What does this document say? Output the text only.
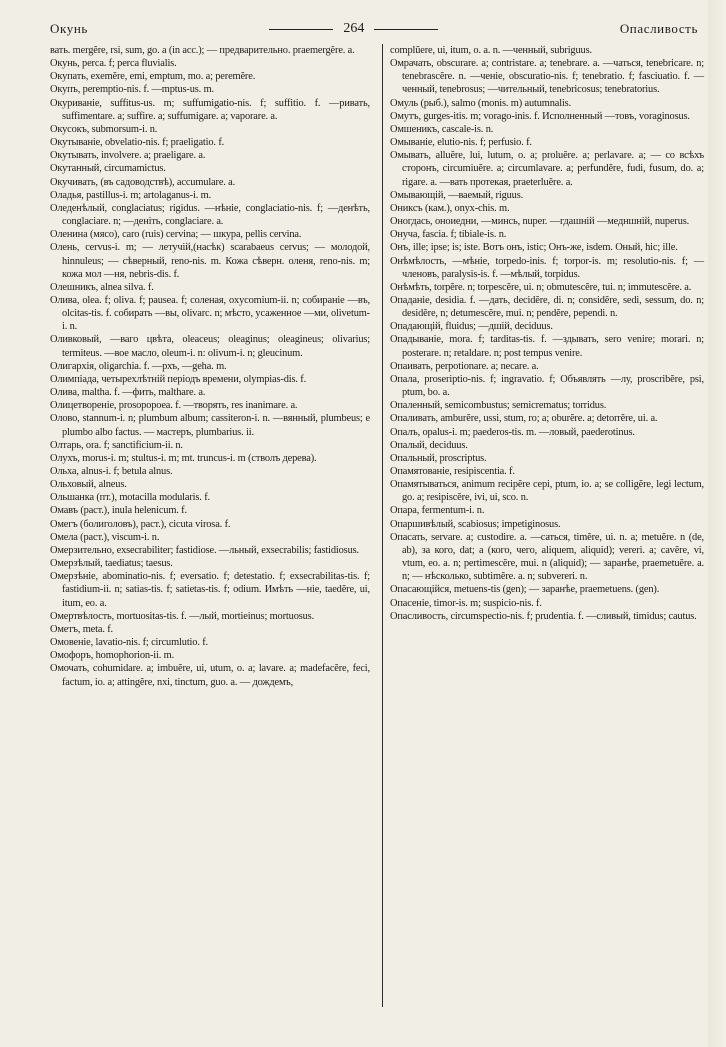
Окунь	264	Опасливость
вать. mergĕre, rsi, sum, go. a (in acc.); — предварительно. praemergĕre. a.
Окунь, perca. f; perca fluvialis.
Окупать, exemĕre, emi, emptum, mo. a; peremĕre.
Окупъ, peremptio-nis. f. —mptus-us. m.
Окуриваніе, suffitus-us. m; suffumigatio-nis. f; suffitio. f. —ривать, suffimentare. a; suffire. a; suffumigare. a; vaporare. a.
Окусокъ, submorsum-i. n.
Окутываніе, obvelatio-nis. f; praeligatio. f.
Окутывать, involvere. a; praeligare. a.
Окутанный, circumamictus.
Окучивать, (въ садоводствѣ), accumulare. a.
Оладья, pastillus-i. m; artolaganus-i. m.
Оледенѣлый, conglaciatus; rigidus. —нѣніе, conglaciatio-nis. f; —денѣть, conglaciare. n; —деніть, conglaciare. a.
Оленина (мясо), caro (ruis) cervina; — шкура, pellis cervina.
Олень, cervus-i. m; — летучій,(насѣк) scarabaeus cervus; — молодой, hinnuleus; — сѣверный, reno-nis. m. Кожа сѣверн. оленя, reno-nis. m; кожа мол —ня, nebris-dis. f.
Олешникъ, alnea silva. f.
Олива, olea. f; oliva. f; pausea. f; соленая, oxycomium-ii. n; собираніе —въ, olcitas-tis. f. собирать —вы, olivarc. n; мѣсто, усаженное —ми, olivetum-i. n.
Оливковый, —ваго цвѣта, oleaceus; oleaginus; oleagineus; olivarius; termiteus. —вое масло, oleum-i. n: olivum-i. n; gleucinum.
Олигархія, oligarchia. f. —рхъ, —geha. m.
Олимпіада, четырехлѣтній періодъ времени, olympias-dis. f.
Олива, maltha. f. —фить, malthare. a.
Олицетвореніе, prosopopoea. f. —творять, res inanimare. a.
Олово, stannum-i. n; plumbum album; cassiteron-i. n. —вянный, plumbeus; e plumbo albo factus. — мастеръ, plumbarius. ii.
Олтарь, ora. f; sanctificium-ii. n.
Олухъ, morus-i. m; stultus-i. m; mt. truncus-i. m (стволъ дерева).
Ольха, alnus-i. f; betula alnus.
Ольховый, alneus.
Ольшанка (пт.), motacilla modularis. f.
Омавъ (раст.), inula helenicum. f.
Омегъ (болиголовъ), раст.), cicuta virosa. f.
Омела (раст.), viscum-i. n.
Омерзительно, exsecrabiliter; fastidiose. —льный, exsecrabilis; fastidiosus.
Омерзѣлый, taediatus; taesus.
Омерзѣніе, abominatio-nis. f; eversatio. f; detestatio. f; exsecrabilitas-tis. f; fastidium-ii. n; satias-tis. f; satietas-tis. f; odium. Имѣть —ніе, taedĕre, ui, itum, eo. a.
Омертвѣлость, mortuositas-tis. f. —лый, mortieinus; mortuosus.
Ометъ, meta. f.
Омовеніе, lavatio-nis. f; circumlutio. f.
Омофоръ, homophorion-ii. m.
Омочать, cohumidare. a; imbuĕre, ui, utum, o. a; lavare. a; madefacĕre, feci, factum, io. a; attingĕre, nxi, tinctum, guo. a. — дождемъ,
complŭere, ui, itum, o. a. n. —ченный, subriguus.
Омрачать, obscurare. a; contristare. a; tenebrare. a. —чаться, tenebricare. n; tenebrascĕre. n. —ченіе, obscuratio-nis. f; tenebratio. f; fasciuatio. f. —ченный, tenebrosus; —чительный, tenebricosus; tenebratorius.
Омуль (рыб.), salmo (monis. m) autumnalis.
Омутъ, gurges-itis. m; vorago-inis. f. Исполненный —товъ, voraginosus.
Омшеникъ, cascale-is. n.
Омываніе, elutio-nis. f; perfusio. f.
Омывать, alluĕre, lui, lutum, o. a; proluĕre. a; perlavare. a; — со всѣхъ сторонъ, circumiuĕre. a; circumlavare. a; perfundĕre, fudi, fusum, do. a; rigare. a. —вать протекая, praeterluĕre. a.
Омывающій, —ваемый, riguus.
Ониксъ (кам.), onyx-chis. m.
Оногдась, оноиедни, —минсь, nuper. —гдашній —медншній, nuperus.
Онуча, fascia. f; tibiale-is. n.
Онъ, ille; ipse; is; iste. Вотъ онъ, istic; Онъ-же, isdem. Оный, hic; ille.
Онѣмѣлость, —мѣніе, torpedo-inis. f; torpor-is. m; resolutio-nis. f; —членовъ, paralysis-is. f. —мѣлый, torpidus.
Онѣмѣть, torpĕre. n; torpescĕre, ui. n; obmutescĕre, tui. n; immutescĕre. a.
Опаданіе, desidia. f. —дать, decidĕre, di. n; considĕre, sedi, sessum, do. n; desidĕre, n; detumescĕre, mui. n; pendĕre, pependi. n.
Опадающій, fluidus; —дшій, deciduus.
Опадываніе, mora. f; tarditas-tis. f. —здывать, sero venire; morari. n; posterare. n; retaldare. n; post tempus venire.
Опаивать, perpotionare. a; necare. a.
Опала, proseriptio-nis. f; ingravatio. f; Объявлять —лу, proscribĕre, psi, ptum, bo. a.
Опаленный, semicombustus; semicrematus; torridus.
Опаливать, amburĕre, ussi, stum, ro; a; oburĕre. a; detorrĕre, ui. a.
Опалъ, opalus-i. m; paederos-tis. m. —ловый, paederotinus.
Опалый, deciduus.
Опальный, proscriptus.
Опамятованіе, resipiscentia. f.
Опамятываться, animum recipĕre cepi, ptum, io. a; se colligĕre, legi lectum, go. a; resipiscĕre, ivi, ui, sco. n.
Опара, fermentum-i. n.
Опаршивѣлый, scabiosus; impetiginosus.
Опасать, servare. a; custodire. a. —саться, timĕre, ui. n. a; metuĕre. n (de, ab), за кого, dat; a (кого, чего, aliquem, aliquid); vereri. a; cavĕre, vi, vtum, eo. a. n; pertimescĕre, mui. n (aliquid); — заранѣе, praemetuĕre. a. n; — нѣсколько, subtimĕre. a. n; subvereri. n.
Опасающійся, metuens-tis (gen); — заранѣе, praemetuens. (gen).
Опасеніе, timor-is. m; suspicio-nis. f.
Опасливость, circumspectio-nis. f; prudentia. f. —сливый, timidus; cautus.
